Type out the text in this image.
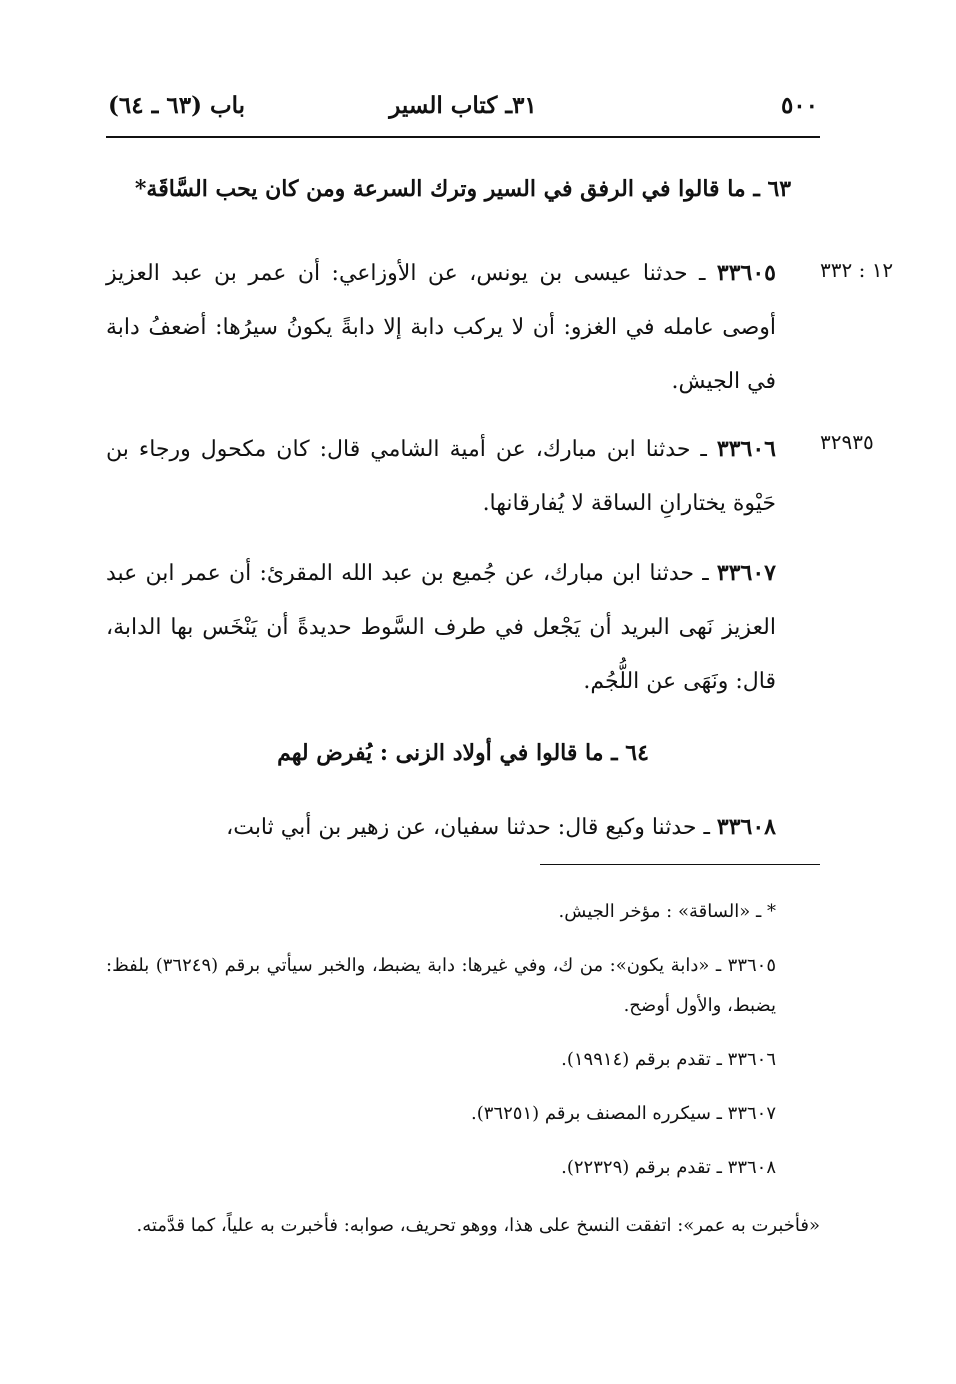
٥٠٠
٣١ـ كتاب السير
باب (٦٣ ـ ٦٤)
٦٣ ـ ما قالوا في الرفق في السير وترك السرعة ومن كان يحب السَّاقَة*
١٢ : ٣٣٢
٣٣٦٠٥ ـ حدثنا عيسى بن يونس، عن الأوزاعي: أن عمر بن عبد العزيز أوصى عامله في الغزو: أن لا يركب دابة إلا دابةً يكونُ سيرُها: أضعفُ دابة في الجيش.
٣٢٩٣٥
٣٣٦٠٦ ـ حدثنا ابن مبارك، عن أمية الشامي قال: كان مكحول ورجاء بن حَيْوة يختارانِ الساقة لا يُفارقانها.
٣٣٦٠٧ ـ حدثنا ابن مبارك، عن جُميع بن عبد الله المقرئ: أن عمر ابن عبد العزيز نَهى البريد أن يَجْعل في طرف السَّوط حديدةً أن يَنْخَس بها الدابة، قال: ونَهَى عن اللُّجُم.
٦٤ ـ ما قالوا في أولاد الزنى : يُفرض لهم
٣٣٦٠٨ ـ حدثنا وكيع قال: حدثنا سفيان، عن زهير بن أبي ثابت،
* ـ «الساقة» : مؤخر الجيش.
٣٣٦٠٥ ـ «دابة يكون»: من ك، وفي غيرها: دابة يضبط، والخبر سيأتي برقم (٣٦٢٤٩) بلفظ: يضبط، والأول أوضح.
٣٣٦٠٦ ـ تقدم برقم (١٩٩١٤).
٣٣٦٠٧ ـ سيكرره المصنف برقم (٣٦٢٥١).
٣٣٦٠٨ ـ تقدم برقم (٢٢٣٢٩).
«فأخبرت به عمر»: اتفقت النسخ على هذا، ووهو تحريف، صوابه: فأخبرت به علياً، كما قدَّمته.
